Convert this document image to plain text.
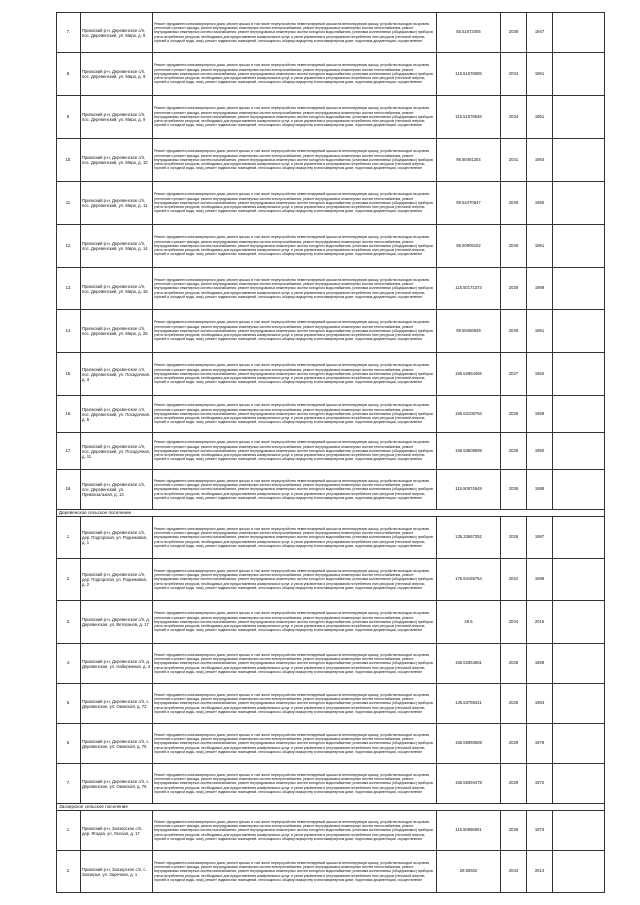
7.	Приокский р-н, Деревенское с/п, пос. Деревенский, ул. Мира, д. 8	Ремонт фундамента многоквартирного дома, ремонт крыши, в том числе переустройство невентилируемой крыши на вентилируемую крышу, устройство выходов на кровлю, утепление и ремонт фасада, ремонт внутридомовых инженерных систем электроснабжения, ремонт внутридомовых инженерных систем теплоснабжения, ремонт внутридомовых инженерных систем газоснабжения, ремонт внутридомовых инженерных систем холодного водоснабжения, установка коллективных (общедомовых) приборов учета потребления ресурсов, необходимых для предоставления коммунальных услуг, и узлов управления и регулирования потребления этих ресурсов (тепловой энергии, горячей и холодной воды, газа), ремонт подвальных помещений, относящихся к общему имуществу в многоквартирном доме, подготовка документации, осуществление	65.51673405	2038	1947	
8.	Приокский р-н, Деревенское с/п, пос. Деревенский, ул. Мира, д. 9	Ремонт фундамента многоквартирного дома, ремонт крыши, в том числе переустройство невентилируемой крыши на вентилируемую крышу, устройство выходов на кровлю, утепление и ремонт фасада, ремонт внутридомовых инженерных систем электроснабжения, ремонт внутридомовых инженерных систем теплоснабжения, ремонт внутридомовых инженерных систем газоснабжения, ремонт внутридомовых инженерных систем холодного водоснабжения, установка коллективных (общедомовых) приборов учета потребления ресурсов, необходимых для предоставления коммунальных услуг, и узлов управления и регулирования потребления этих ресурсов (тепловой энергии, горячей и холодной воды, газа), ремонт подвальных помещений, относящихся к общему имуществу в многоквартирном доме, подготовка документации, осуществление	115.51678508	2034	1961	
9.	Приокский р-н, Деревенское с/п, пос. Деревенский, ул. Мира, д. 9	Ремонт фундамента многоквартирного дома, ремонт крыши, в том числе переустройство невентилируемой крыши на вентилируемую крышу, устройство выходов на кровлю, утепление и ремонт фасада, ремонт внутридомовых инженерных систем электроснабжения, ремонт внутридомовых инженерных систем теплоснабжения, ремонт внутридомовых инженерных систем газоснабжения, ремонт внутридомовых инженерных систем холодного водоснабжения, установка коллективных (общедомовых) приборов учета потребления ресурсов, необходимых для предоставления коммунальных услуг, и узлов управления и регулирования потребления этих ресурсов (тепловой энергии, горячей и холодной воды, газа), ремонт подвальных помещений, относящихся к общему имуществу в многоквартирном доме, подготовка документации, осуществление	115.51678548	2034	1961	
10.	Приокский р-н, Деревенское с/п, пос. Деревенский, ул. Мира, д. 10	Ремонт фундамента многоквартирного дома, ремонт крыши, в том числе переустройство невентилируемой крыши на вентилируемую крышу, устройство выходов на кровлю, утепление и ремонт фасада, ремонт внутридомовых инженерных систем электроснабжения, ремонт внутридомовых инженерных систем теплоснабжения, ремонт внутридомовых инженерных систем газоснабжения, ремонт внутридомовых инженерных систем холодного водоснабжения, установка коллективных (общедомовых) приборов учета потребления ресурсов, необходимых для предоставления коммунальных услуг, и узлов управления и регулирования потребления этих ресурсов (тепловой энергии, горячей и холодной воды, газа), ремонт подвальных помещений, относящихся к общему имуществу в многоквартирном доме, подготовка документации, осуществление	95.50491304	2041	1964	
11.	Приокский р-н, Деревенское с/п, пос. Деревенский, ул. Мира, д. 11	Ремонт фундамента многоквартирного дома, ремонт крыши, в том числе переустройство невентилируемой крыши на вентилируемую крышу, устройство выходов на кровлю, утепление и ремонт фасада, ремонт внутридомовых инженерных систем электроснабжения, ремонт внутридомовых инженерных систем теплоснабжения, ремонт внутридомовых инженерных систем газоснабжения, ремонт внутридомовых инженерных систем холодного водоснабжения, установка коллективных (общедомовых) приборов учета потребления ресурсов, необходимых для предоставления коммунальных услуг, и узлов управления и регулирования потребления этих ресурсов (тепловой энергии, горячей и холодной воды, газа), ремонт подвальных помещений, относящихся к общему имуществу в многоквартирном доме, подготовка документации, осуществление	95.52470547	2040	1960	
12.	Приокский р-н, Деревенское с/п, пос. Деревенский, ул. Мира, д. 14	Ремонт фундамента многоквартирного дома, ремонт крыши, в том числе переустройство невентилируемой крыши на вентилируемую крышу, устройство выходов на кровлю, утепление и ремонт фасада, ремонт внутридомовых инженерных систем электроснабжения, ремонт внутридомовых инженерных систем теплоснабжения, ремонт внутридомовых инженерных систем газоснабжения, ремонт внутридомовых инженерных систем холодного водоснабжения, установка коллективных (общедомовых) приборов учета потребления ресурсов, необходимых для предоставления коммунальных услуг, и узлов управления и регулирования потребления этих ресурсов (тепловой энергии, горячей и холодной воды, газа), ремонт подвальных помещений, относящихся к общему имуществу в многоквартирном доме, подготовка документации, осуществление	95.50909102	2040	1961	
13.	Приокский р-н, Деревенское с/п, пос. Деревенский, ул. Мира, д. 16	Ремонт фундамента многоквартирного дома, ремонт крыши, в том числе переустройство невентилируемой крыши на вентилируемую крышу, устройство выходов на кровлю, утепление и ремонт фасада, ремонт внутридомовых инженерных систем электроснабжения, ремонт внутридомовых инженерных систем теплоснабжения, ремонт внутридомовых инженерных систем газоснабжения, ремонт внутридомовых инженерных систем холодного водоснабжения, установка коллективных (общедомовых) приборов учета потребления ресурсов, необходимых для предоставления коммунальных услуг, и узлов управления и регулирования потребления этих ресурсов (тепловой энергии, горячей и холодной воды, газа), ремонт подвальных помещений, относящихся к общему имуществу в многоквартирном доме, подготовка документации, осуществление	115.50171373	2029	1989	
14.	Приокский р-н, Деревенское с/п, пос. Деревенский, ул. Мира, д. 25	Ремонт фундамента многоквартирного дома, ремонт крыши, в том числе переустройство невентилируемой крыши на вентилируемую крышу, устройство выходов на кровлю, утепление и ремонт фасада, ремонт внутридомовых инженерных систем электроснабжения, ремонт внутридомовых инженерных систем теплоснабжения, ремонт внутридомовых инженерных систем газоснабжения, ремонт внутридомовых инженерных систем холодного водоснабжения, установка коллективных (общедомовых) приборов учета потребления ресурсов, необходимых для предоставления коммунальных услуг, и узлов управления и регулирования потребления этих ресурсов (тепловой энергии, горячей и холодной воды, газа), ремонт подвальных помещений, относящихся к общему имуществу в многоквартирном доме, подготовка документации, осуществление	95.50456849	2040	1961	
15.	Приокский р-н, Деревенское с/п, пос. Деревенский, ул. Посадочная, д. 3	Ремонт фундамента многоквартирного дома, ремонт крыши, в том числе переустройство невентилируемой крыши на вентилируемую крышу, устройство выходов на кровлю, утепление и ремонт фасада, ремонт внутридомовых инженерных систем электроснабжения, ремонт внутридомовых инженерных систем теплоснабжения, ремонт внутридомовых инженерных систем газоснабжения, ремонт внутридомовых инженерных систем холодного водоснабжения, установка коллективных (общедомовых) приборов учета потребления ресурсов, необходимых для предоставления коммунальных услуг, и узлов управления и регулирования потребления этих ресурсов (тепловой энергии, горячей и холодной воды, газа), ремонт подвальных помещений, относящихся к общему имуществу в многоквартирном доме, подготовка документации, осуществление	155.52864465	2027	1952	
16.	Приокский р-н, Деревенское с/п, пос. Деревенский, ул. Посадочная, д. 5	Ремонт фундамента многоквартирного дома, ремонт крыши, в том числе переустройство невентилируемой крыши на вентилируемую крышу, устройство выходов на кровлю, утепление и ремонт фасада, ремонт внутридомовых инженерных систем электроснабжения, ремонт внутридомовых инженерных систем теплоснабжения, ремонт внутридомовых инженерных систем газоснабжения, ремонт внутридомовых инженерных систем холодного водоснабжения, установка коллективных (общедомовых) приборов учета потребления ресурсов, необходимых для предоставления коммунальных услуг, и узлов управления и регулирования потребления этих ресурсов (тепловой энергии, горячей и холодной воды, газа), ремонт подвальных помещений, относящихся к общему имуществу в многоквартирном доме, подготовка документации, осуществление	155.53105754	2026	1959	
17.	Приокский р-н, Деревенское с/п, пос. Деревенский, ул. Посадочная, д. 11	Ремонт фундамента многоквартирного дома, ремонт крыши, в том числе переустройство невентилируемой крыши на вентилируемую крышу, устройство выходов на кровлю, утепление и ремонт фасада, ремонт внутридомовых инженерных систем электроснабжения, ремонт внутридомовых инженерных систем теплоснабжения, ремонт внутридомовых инженерных систем газоснабжения, ремонт внутридомовых инженерных систем холодного водоснабжения, установка коллективных (общедомовых) приборов учета потребления ресурсов, необходимых для предоставления коммунальных услуг, и узлов управления и регулирования потребления этих ресурсов (тепловой энергии, горячей и холодной воды, газа), ремонт подвальных помещений, относящихся к общему имуществу в многоквартирном доме, подготовка документации, осуществление	155.53606589	2025	1950	
18.	Приокский р-н, Деревенское с/п, пос. Деревенский, ул. Привокзальная, д. 13	Ремонт фундамента многоквартирного дома, ремонт крыши, в том числе переустройство невентилируемой крыши на вентилируемую крышу, устройство выходов на кровлю, утепление и ремонт фасада, ремонт внутридомовых инженерных систем электроснабжения, ремонт внутридомовых инженерных систем теплоснабжения, ремонт внутридомовых инженерных систем газоснабжения, ремонт внутридомовых инженерных систем холодного водоснабжения, установка коллективных (общедомовых) приборов учета потребления ресурсов, необходимых для предоставления коммунальных услуг, и узлов управления и регулирования потребления этих ресурсов (тепловой энергии, горячей и холодной воды, газа), ремонт подвальных помещений, относящихся к общему имуществу в многоквартирном доме, подготовка документации, осуществление	115.50974549	2036	1988	
Деревенское сельское поселение						
1.	Приокский р-н, Деревенское с/п, дер. Подгорская, ул. Родниковая, д. 1	Ремонт фундамента многоквартирного дома, ремонт крыши, в том числе переустройство невентилируемой крыши на вентилируемую крышу, устройство выходов на кровлю, утепление и ремонт фасада, ремонт внутридомовых инженерных систем электроснабжения, ремонт внутридомовых инженерных систем теплоснабжения, ремонт внутридомовых инженерных систем газоснабжения, ремонт внутридомовых инженерных систем холодного водоснабжения, установка коллективных (общедомовых) приборов учета потребления ресурсов, необходимых для предоставления коммунальных услуг, и узлов управления и регулирования потребления этих ресурсов (тепловой энергии, горячей и холодной воды, газа), ремонт подвальных помещений, относящихся к общему имуществу в многоквартирном доме, подготовка документации, осуществление	135.33667352	2026	1987	
2.	Приокский р-н, Деревенское с/п, дер. Подгорская, ул. Родниковая, д. 2	Ремонт фундамента многоквартирного дома, ремонт крыши, в том числе переустройство невентилируемой крыши на вентилируемую крышу, устройство выходов на кровлю, утепление и ремонт фасада, ремонт внутридомовых инженерных систем электроснабжения, ремонт внутридомовых инженерных систем теплоснабжения, ремонт внутридомовых инженерных систем газоснабжения, ремонт внутридомовых инженерных систем холодного водоснабжения, установка коллективных (общедомовых) приборов учета потребления ресурсов, необходимых для предоставления коммунальных услуг, и узлов управления и регулирования потребления этих ресурсов (тепловой энергии, горячей и холодной воды, газа), ремонт подвальных помещений, относящихся к общему имуществу в многоквартирном доме, подготовка документации, осуществление	175.54165754	2022	1988	
3.	Приокский р-н, Деревенское с/п, д. Деревенская, ул. Ветеранов, д. 17	Ремонт фундамента многоквартирного дома, ремонт крыши, в том числе переустройство невентилируемой крыши на вентилируемую крышу, устройство выходов на кровлю, утепление и ремонт фасада, ремонт внутридомовых инженерных систем электроснабжения, ремонт внутридомовых инженерных систем теплоснабжения, ремонт внутридомовых инженерных систем газоснабжения, ремонт внутридомовых инженерных систем холодного водоснабжения, установка коллективных (общедомовых) приборов учета потребления ресурсов, необходимых для предоставления коммунальных услуг, и узлов управления и регулирования потребления этих ресурсов (тепловой энергии, горячей и холодной воды, газа), ремонт подвальных помещений, относящихся к общему имуществу в многоквартирном доме, подготовка документации, осуществление	28.5	2044	2016	
4.	Приокский р-н, Деревенское с/п, д. Деревенская, ул. Набережная, д. 4	Ремонт фундамента многоквартирного дома, ремонт крыши, в том числе переустройство невентилируемой крыши на вентилируемую крышу, устройство выходов на кровлю, утепление и ремонт фасада, ремонт внутридомовых инженерных систем электроснабжения, ремонт внутридомовых инженерных систем теплоснабжения, ремонт внутридомовых инженерных систем газоснабжения, ремонт внутридомовых инженерных систем холодного водоснабжения, установка коллективных (общедомовых) приборов учета потребления ресурсов, необходимых для предоставления коммунальных услуг, и узлов управления и регулирования потребления этих ресурсов (тепловой энергии, горячей и холодной воды, газа), ремонт подвальных помещений, относящихся к общему имуществу в многоквартирном доме, подготовка документации, осуществление	155.53364581	2026	1968	
5.	Приокский р-н, Деревенское с/п, с. Деревенское, ул. Окинская, д. 72	Ремонт фундамента многоквартирного дома, ремонт крыши, в том числе переустройство невентилируемой крыши на вентилируемую крышу, устройство выходов на кровлю, утепление и ремонт фасада, ремонт внутридомовых инженерных систем электроснабжения, ремонт внутридомовых инженерных систем теплоснабжения, ремонт внутридомовых инженерных систем газоснабжения, ремонт внутридомовых инженерных систем холодного водоснабжения, установка коллективных (общедомовых) приборов учета потребления ресурсов, необходимых для предоставления коммунальных услуг, и узлов управления и регулирования потребления этих ресурсов (тепловой энергии, горячей и холодной воды, газа), ремонт подвальных помещений, относящихся к общему имуществу в многоквартирном доме, подготовка документации, осуществление	135.53759421	2025	1984	
6.	Приокский р-н, Деревенское с/п, с. Деревенское, ул. Окинская, д. 75	Ремонт фундамента многоквартирного дома, ремонт крыши, в том числе переустройство невентилируемой крыши на вентилируемую крышу, устройство выходов на кровлю, утепление и ремонт фасада, ремонт внутридомовых инженерных систем электроснабжения, ремонт внутридомовых инженерных систем теплоснабжения, ремонт внутридомовых инженерных систем газоснабжения, ремонт внутридомовых инженерных систем холодного водоснабжения, установка коллективных (общедомовых) приборов учета потребления ресурсов, необходимых для предоставления коммунальных услуг, и узлов управления и регулирования потребления этих ресурсов (тепловой энергии, горячей и холодной воды, газа), ремонт подвальных помещений, относящихся к общему имуществу в многоквартирном доме, подготовка документации, осуществление	155.55960569	2029	1978	
7.	Приокский р-н, Деревенское с/п, с. Деревенское, ул. Окинская, д. 76	Ремонт фундамента многоквартирного дома, ремонт крыши, в том числе переустройство невентилируемой крыши на вентилируемую крышу, устройство выходов на кровлю, утепление и ремонт фасада, ремонт внутридомовых инженерных систем электроснабжения, ремонт внутридомовых инженерных систем теплоснабжения, ремонт внутридомовых инженерных систем газоснабжения, ремонт внутридомовых инженерных систем холодного водоснабжения, установка коллективных (общедомовых) приборов учета потребления ресурсов, необходимых для предоставления коммунальных услуг, и узлов управления и регулирования потребления этих ресурсов (тепловой энергии, горячей и холодной воды, газа), ремонт подвальных помещений, относящихся к общему имуществу в многоквартирном доме, подготовка документации, осуществление	155.55394478	2029	1972	
Заозерское сельское поселение						
1.	Приокский р-н, Заозерское с/п, дер. Ягодка, ул. Лесная, д. 17	Ремонт фундамента многоквартирного дома, ремонт крыши, в том числе переустройство невентилируемой крыши на вентилируемую крышу, устройство выходов на кровлю, утепление и ремонт фасада, ремонт внутридомовых инженерных систем электроснабжения, ремонт внутридомовых инженерных систем теплоснабжения, ремонт внутридомовых инженерных систем газоснабжения, ремонт внутридомовых инженерных систем холодного водоснабжения, установка коллективных (общедомовых) приборов учета потребления ресурсов, необходимых для предоставления коммунальных услуг, и узлов управления и регулирования потребления этих ресурсов (тепловой энергии, горячей и холодной воды, газа), ремонт подвальных помещений, относящихся к общему имуществу в многоквартирном доме, подготовка документации, осуществление	115.50566601	2038	1973	
2.	Приокский р-н, Заозерское с/п, с. Заозерье, ул. Заречная, д. 1	Ремонт фундамента многоквартирного дома, ремонт крыши, в том числе переустройство невентилируемой крыши на вентилируемую крышу, устройство выходов на кровлю, утепление и ремонт фасада, ремонт внутридомовых инженерных систем электроснабжения, ремонт внутридомовых инженерных систем теплоснабжения, ремонт внутридомовых инженерных систем газоснабжения, ремонт внутридомовых инженерных систем холодного водоснабжения, установка коллективных (общедомовых) приборов учета потребления ресурсов, необходимых для предоставления коммунальных услуг, и узлов управления и регулирования потребления этих ресурсов (тепловой энергии, горячей и холодной воды, газа), ремонт подвальных помещений, относящихся к общему имуществу в многоквартирном доме, подготовка документации, осуществление	28.50602	2044	2014	
